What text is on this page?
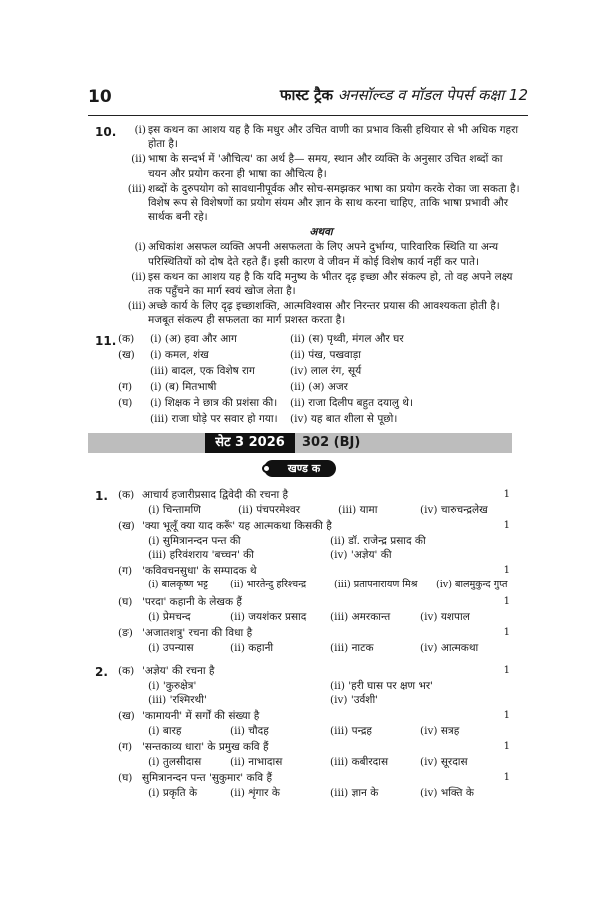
10	फास्ट ट्रैक अनसॉल्व्ड व मॉडल पेपर्स कक्षा 12
10.	(i) इस कथन का आशय यह है कि मधुर और उचित वाणी का प्रभाव किसी हथियार से भी अधिक गहरा होता है।
(ii) भाषा के सन्दर्भ में 'औचित्य' का अर्थ है— समय, स्थान और व्यक्ति के अनुसार उचित शब्दों का चयन और प्रयोग करना ही भाषा का औचित्य है।
(iii) शब्दों के दुरुपयोग को सावधानीपूर्वक और सोच-समझकर भाषा का प्रयोग करके रोका जा सकता है। विशेष रूप से विशेषणों का प्रयोग संयम और ज्ञान के साथ करना चाहिए, ताकि भाषा प्रभावी और सार्थक बनी रहे।
अथवा
(i) अधिकांश असफल व्यक्ति अपनी असफलता के लिए अपने दुर्भाग्य, पारिवारिक स्थिति या अन्य परिस्थितियों को दोष देते रहते हैं। इसी कारण वे जीवन में कोई विशेष कार्य नहीं कर पाते।
(ii) इस कथन का आशय यह है कि यदि मनुष्य के भीतर दृढ़ इच्छा और संकल्प हो, तो वह अपने लक्ष्य तक पहुँचने का मार्ग स्वयं खोज लेता है।
(iii) अच्छे कार्य के लिए दृढ़ इच्छाशक्ति, आत्मविश्वास और निरन्तर प्रयास की आवश्यकता होती है। मजबूत संकल्प ही सफलता का मार्ग प्रशस्त करता है।
11. (क) (i) (अ) हवा और आग	(ii) (स) पृथ्वी, मंगल और घर
(ख) (i) कमल, शंख	(ii) पंख, पखवाड़ा
(iii) बादल, एक विशेष राग	(iv) लाल रंग, सूर्य
(ग) (i) (ब) मितभाषी	(ii) (अ) अजर
(घ) (i) शिक्षक ने छात्र की प्रशंसा की। (ii) राजा दिलीप बहुत दयालु थे।
(iii) राजा घोड़े पर सवार हो गया। (iv) यह बात शीला से पूछो।
सेट 3 2026	302 (BJ)
खण्ड क
1. (क) आचार्य हजारीप्रसाद द्विवेदी की रचना है	1
(i) चिन्तामणि	(ii) पंचपरमेश्वर	(iii) यामा	(iv) चारुचन्द्रलेख
(ख) 'क्या भूलूँ क्या याद करूँ' यह आत्मकथा किसकी है	1
(i) सुमित्रानन्दन पन्त की	(ii) डॉ. राजेन्द्र प्रसाद की
(iii) हरिवंशराय 'बच्चन' की	(iv) 'अज्ञेय' की
(ग) 'कविवचनसुधा' के सम्पादक थे	1
(i) बालकृष्ण भट्ट (ii) भारतेन्दु हरिश्चन्द्र	(iii) प्रतापनारायण मिश्र (iv) बालमुकुन्द गुप्त
(घ) 'परदा' कहानी के लेखक हैं	1
(i) प्रेमचन्द	(ii) जयशंकर प्रसाद (iii) अमरकान्त	(iv) यशपाल
(ङ) 'अजातशत्रु' रचना की विधा है	1
(i) उपन्यास	(ii) कहानी	(iii) नाटक	(iv) आत्मकथा
2. (क) 'अज्ञेय' की रचना है	1
(i) 'कुरुक्षेत्र'	(ii) 'हरी घास पर क्षण भर'
(iii) 'रश्मिरथी'	(iv) 'उर्वशी'
(ख) 'कामायनी' में सर्गों की संख्या है	1
(i) बारह	(ii) चौदह	(iii) पन्द्रह	(iv) सत्रह
(ग) 'सन्तकाव्य धारा' के प्रमुख कवि हैं	1
(i) तुलसीदास	(ii) नाभादास	(iii) कबीरदास	(iv) सूरदास
(घ) सुमित्रानन्दन पन्त 'सुकुमार' कवि हैं	1
(i) प्रकृति के	(ii) शृंगार के	(iii) ज्ञान के	(iv) भक्ति के
